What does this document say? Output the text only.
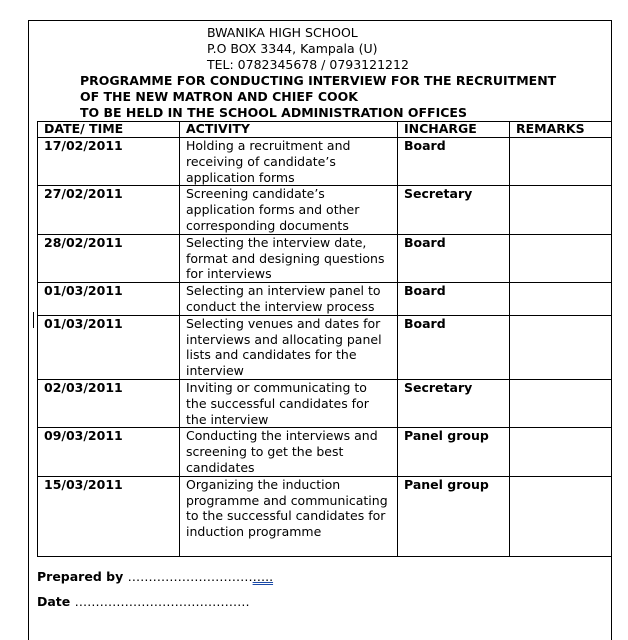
BWANIKA HIGH SCHOOL
P.O BOX 3344, Kampala (U)
TEL: 0782345678 / 0793121212
PROGRAMME FOR CONDUCTING INTERVIEW FOR THE RECRUITMENT
OF THE NEW MATRON AND CHIEF COOK
TO BE HELD IN THE SCHOOL ADMINISTRATION OFFICES
DATE/ TIME	ACTIVITY	INCHARGE	REMARKS
17/02/2011	Holding a recruitment and receiving of candidate’s application forms	Board	
27/02/2011	Screening candidate’s application forms and other corresponding documents	Secretary	
28/02/2011	Selecting the interview date, format and designing questions for interviews	Board	
01/03/2011	Selecting an interview panel to conduct the interview process	Board	
01/03/2011	Selecting venues and dates for interviews and allocating panel lists and candidates for the interview	Board	
02/03/2011	Inviting or communicating to the successful candidates for the interview	Secretary	
09/03/2011	Conducting the interviews and screening to get the best candidates	Panel group	
15/03/2011	Organizing the induction programme and communicating to the successful candidates for induction programme	Panel group	
Prepared by ……………………………..
Date ……………………………………
